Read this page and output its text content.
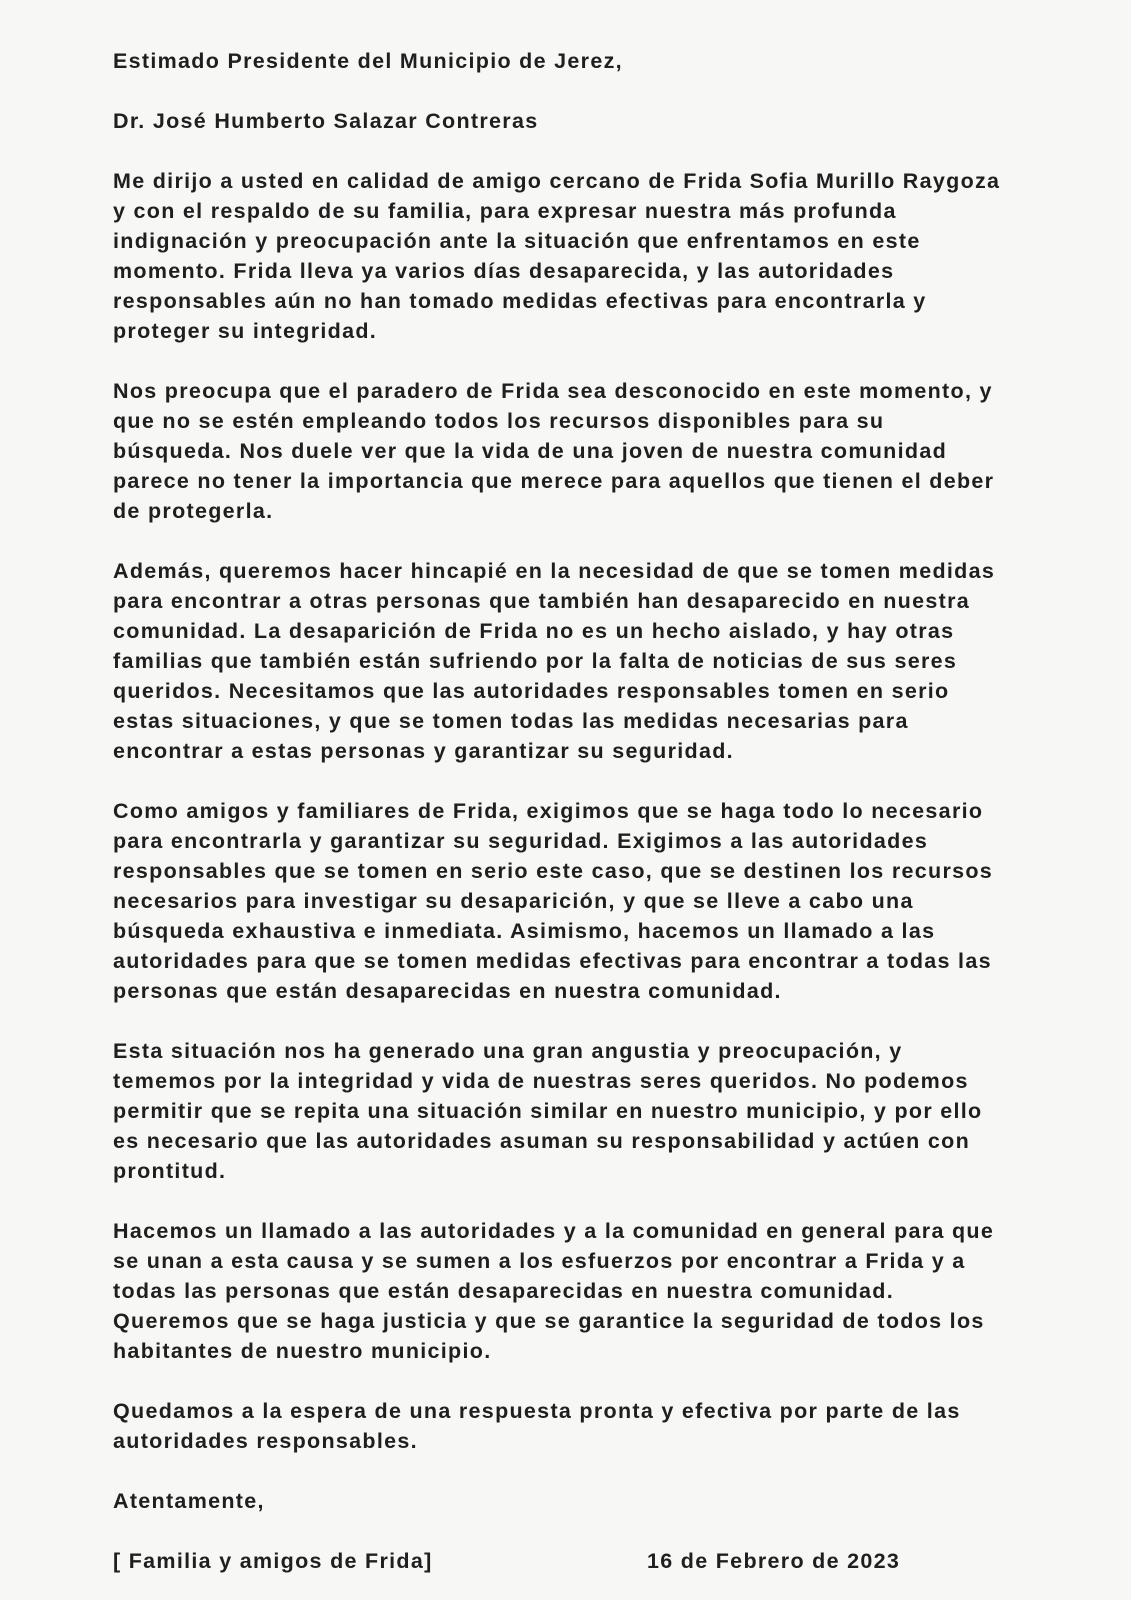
Estimado Presidente del Municipio de Jerez,
Dr. José Humberto Salazar Contreras
Me dirijo a usted en calidad de amigo cercano de Frida Sofia Murillo Raygoza
y con el respaldo de su familia, para expresar nuestra más profunda
indignación y preocupación ante la situación que enfrentamos en este
momento. Frida lleva ya varios días desaparecida, y las autoridades
responsables aún no han tomado medidas efectivas para encontrarla y
proteger su integridad.
Nos preocupa que el paradero de Frida sea desconocido en este momento, y
que no se estén empleando todos los recursos disponibles para su
búsqueda. Nos duele ver que la vida de una joven de nuestra comunidad
parece no tener la importancia que merece para aquellos que tienen el deber
de protegerla.
Además, queremos hacer hincapié en la necesidad de que se tomen medidas
para encontrar a otras personas que también han desaparecido en nuestra
comunidad. La desaparición de Frida no es un hecho aislado, y hay otras
familias que también están sufriendo por la falta de noticias de sus seres
queridos. Necesitamos que las autoridades responsables tomen en serio
estas situaciones, y que se tomen todas las medidas necesarias para
encontrar a estas personas y garantizar su seguridad.
Como amigos y familiares de Frida, exigimos que se haga todo lo necesario
para encontrarla y garantizar su seguridad. Exigimos a las autoridades
responsables que se tomen en serio este caso, que se destinen los recursos
necesarios para investigar su desaparición, y que se lleve a cabo una
búsqueda exhaustiva e inmediata. Asimismo, hacemos un llamado a las
autoridades para que se tomen medidas efectivas para encontrar a todas las
personas que están desaparecidas en nuestra comunidad.
Esta situación nos ha generado una gran angustia y preocupación, y
tememos por la integridad y vida de nuestras seres queridos. No podemos
permitir que se repita una situación similar en nuestro municipio, y por ello
es necesario que las autoridades asuman su responsabilidad y actúen con
prontitud.
Hacemos un llamado a las autoridades y a la comunidad en general para que
se unan a esta causa y se sumen a los esfuerzos por encontrar a Frida y a
todas las personas que están desaparecidas en nuestra comunidad.
Queremos que se haga justicia y que se garantice la seguridad de todos los
habitantes de nuestro municipio.
Quedamos a la espera de una respuesta pronta y efectiva por parte de las
autoridades responsables.
Atentamente,
[ Familia y amigos de Frida]	16 de Febrero de 2023
